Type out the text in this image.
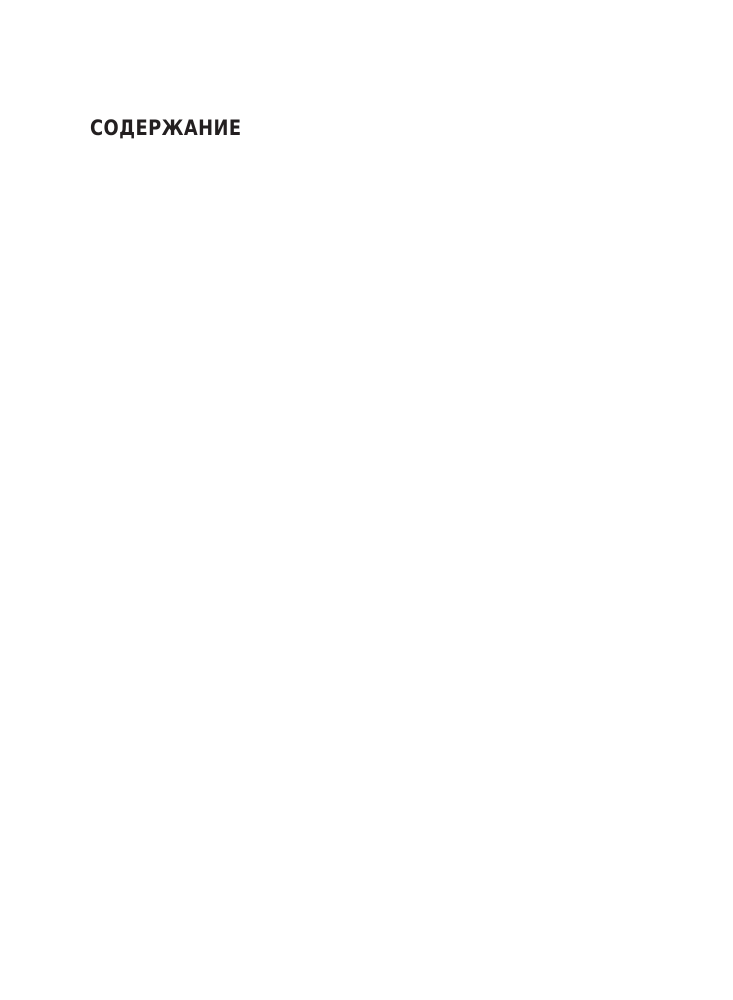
СОДЕРЖАНИЕ
